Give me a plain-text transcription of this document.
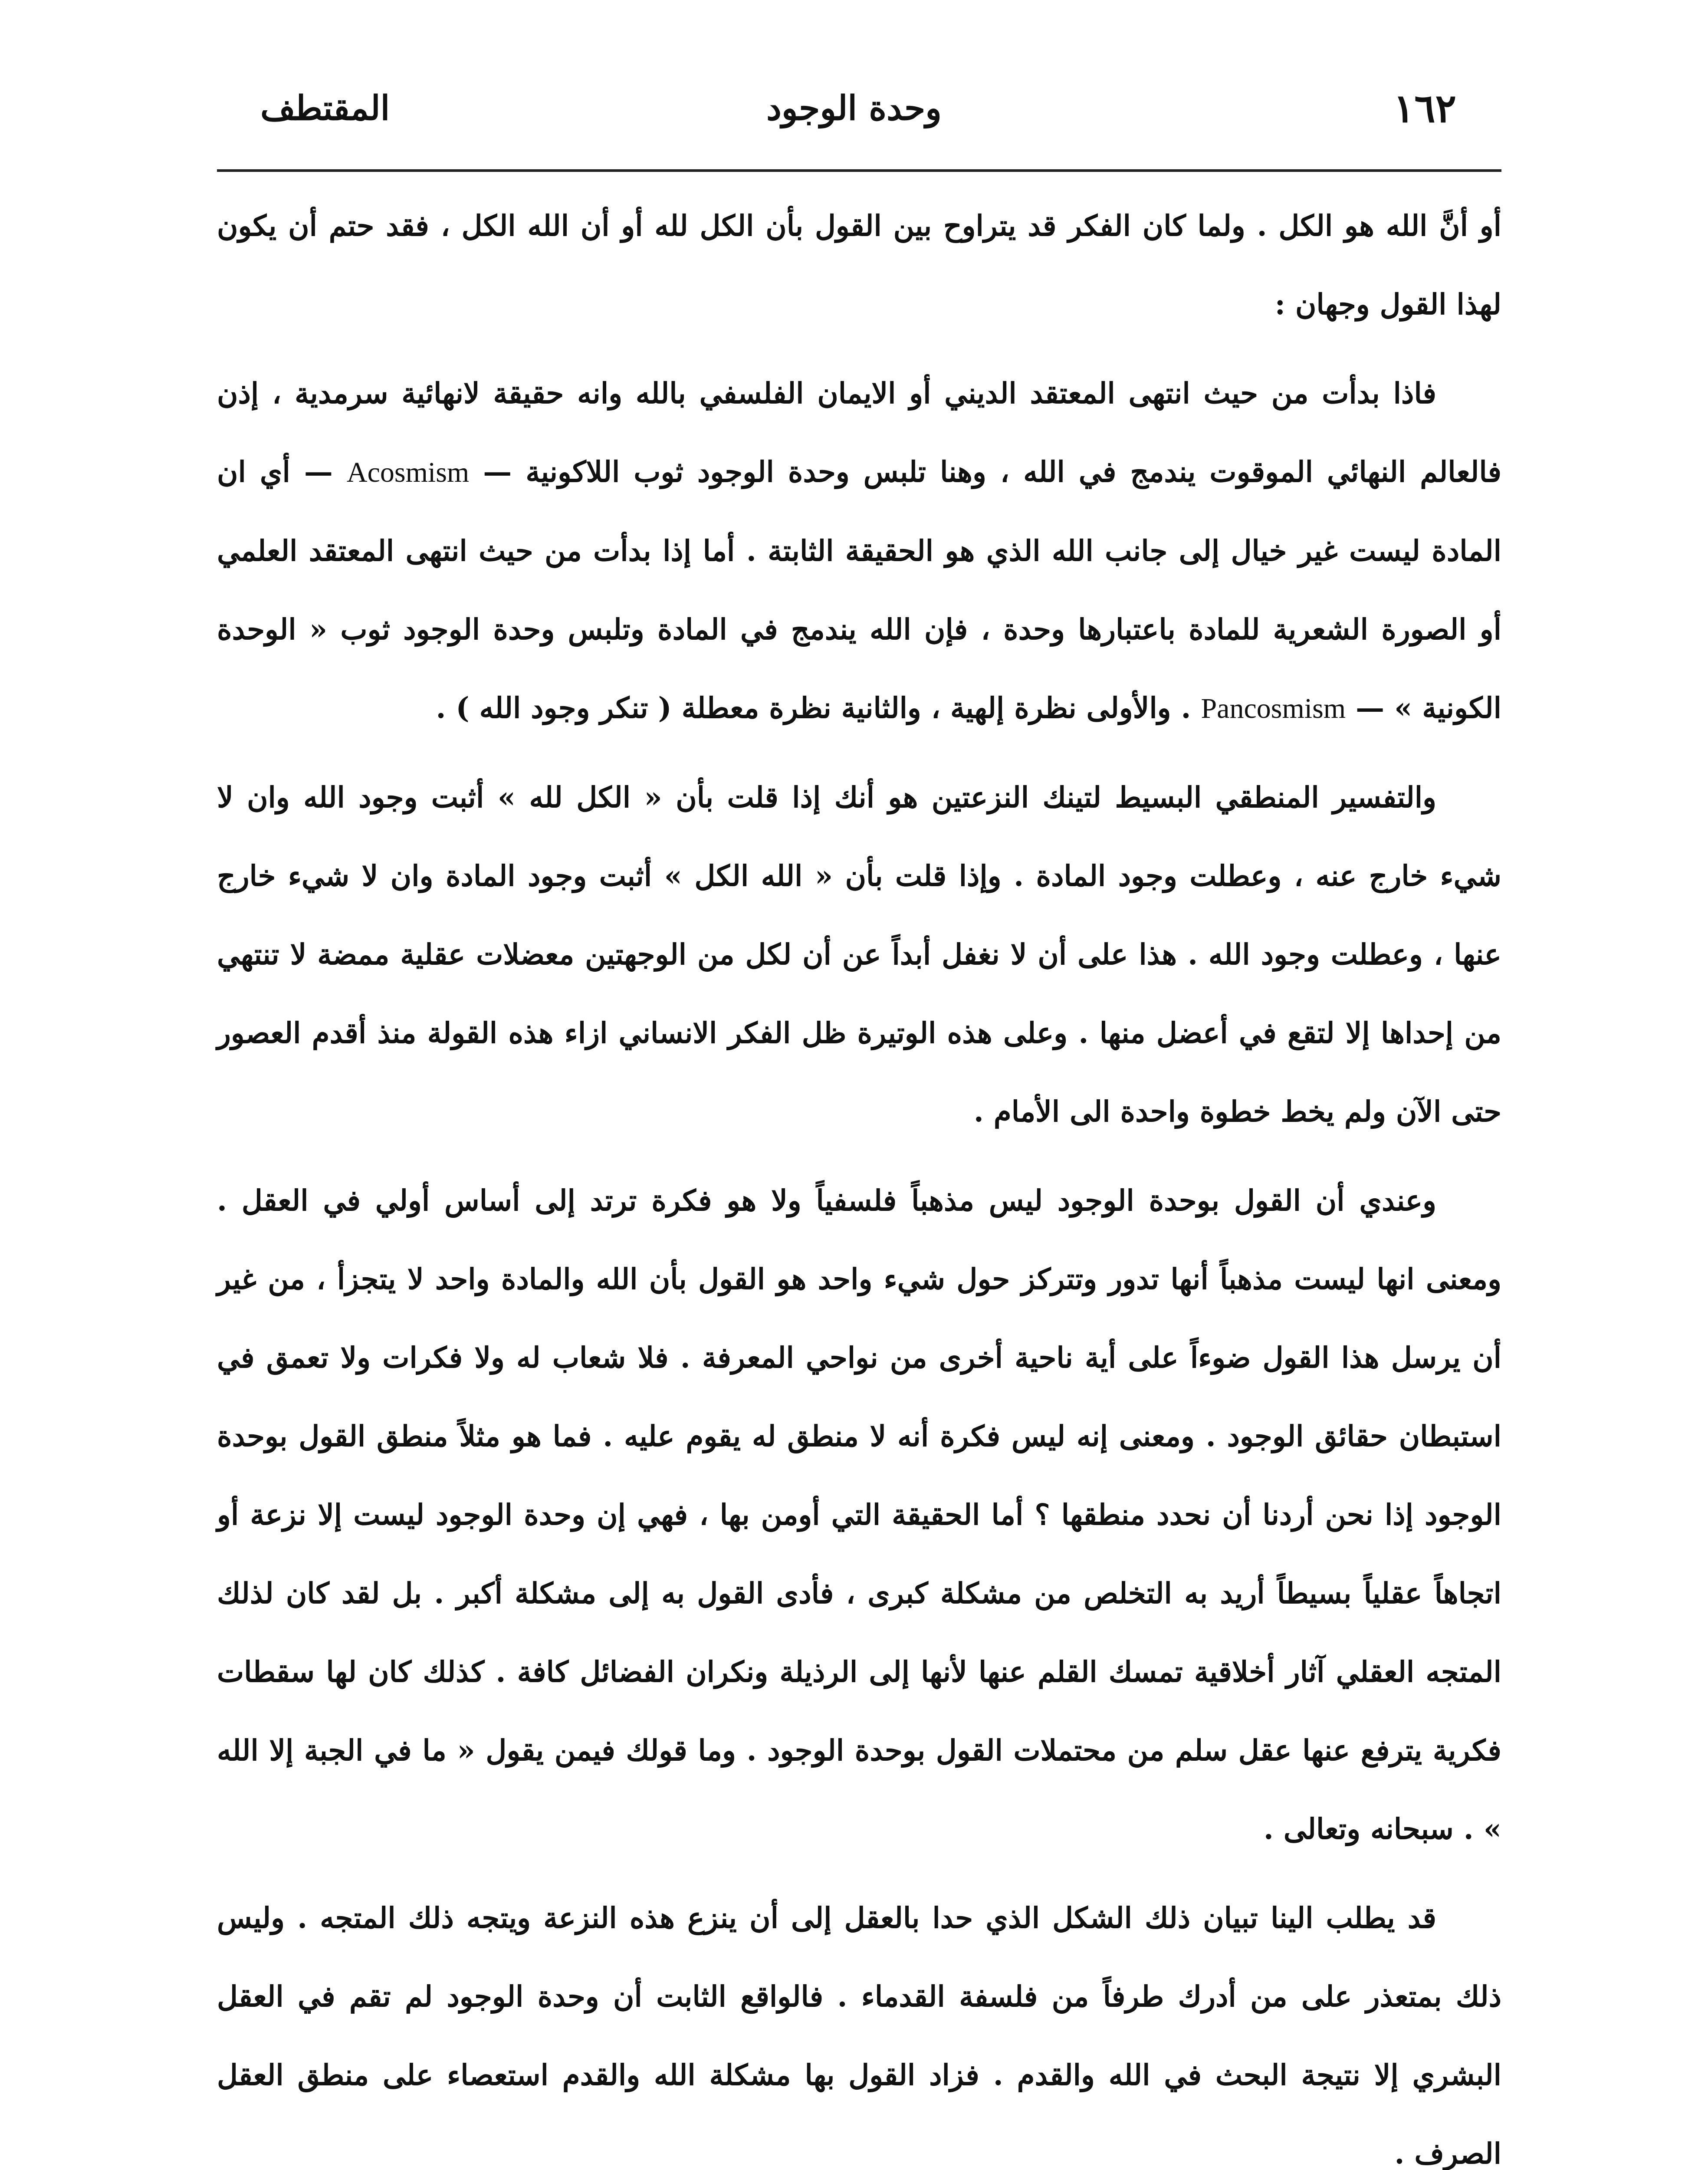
المقتطف	وحدة الوجود	١٦٢

أو أنَّ الله هو الكل . ولما كان الفكر قد يتراوح بين القول بأن الكل لله أو أن الله الكل ، فقد حتم أن يكون لهذا القول وجهان :

فاذا بدأت من حيث انتهى المعتقد الديني أو الايمان الفلسفي بالله وانه حقيقة لانهائية سرمدية ، إذن فالعالم النهائي الموقوت يندمج في الله ، وهنا تلبس وحدة الوجود ثوب اللاكونية — Acosmism — أي ان المادة ليست غير خيال إلى جانب الله الذي هو الحقيقة الثابتة . أما إذا بدأت من حيث انتهى المعتقد العلمي أو الصورة الشعرية للمادة باعتبارها وحدة ، فإن الله يندمج في المادة وتلبس وحدة الوجود ثوب « الوحدة الكونية » — Pancosmism . والأولى نظرة إلهية ، والثانية نظرة معطلة ( تنكر وجود الله ) .

والتفسير المنطقي البسيط لتينك النزعتين هو أنك إذا قلت بأن « الكل لله » أثبت وجود الله وان لا شيء خارج عنه ، وعطلت وجود المادة . وإذا قلت بأن « الله الكل » أثبت وجود المادة وان لا شيء خارج عنها ، وعطلت وجود الله . هذا على أن لا نغفل أبداً عن أن لكل من الوجهتين معضلات عقلية ممضة لا تنتهي من إحداها إلا لتقع في أعضل منها . وعلى هذه الوتيرة ظل الفكر الانساني ازاء هذه القولة منذ أقدم العصور حتى الآن ولم يخط خطوة واحدة الى الأمام .

وعندي أن القول بوحدة الوجود ليس مذهباً فلسفياً ولا هو فكرة ترتد إلى أساس أولي في العقل . ومعنى انها ليست مذهباً أنها تدور وتتركز حول شيء واحد هو القول بأن الله والمادة واحد لا يتجزأ ، من غير أن يرسل هذا القول ضوءاً على أية ناحية أخرى من نواحي المعرفة . فلا شعاب له ولا فكرات ولا تعمق في استبطان حقائق الوجود . ومعنى إنه ليس فكرة أنه لا منطق له يقوم عليه . فما هو مثلاً منطق القول بوحدة الوجود إذا نحن أردنا أن نحدد منطقها ؟ أما الحقيقة التي أومن بها ، فهي إن وحدة الوجود ليست إلا نزعة أو اتجاهاً عقلياً بسيطاً أريد به التخلص من مشكلة كبرى ، فأدى القول به إلى مشكلة أكبر . بل لقد كان لذلك المتجه العقلي آثار أخلاقية تمسك القلم عنها لأنها إلى الرذيلة ونكران الفضائل كافة . كذلك كان لها سقطات فكرية يترفع عنها عقل سلم من محتملات القول بوحدة الوجود . وما قولك فيمن يقول « ما في الجبة إلا الله » . سبحانه وتعالى .

قد يطلب الينا تبيان ذلك الشكل الذي حدا بالعقل إلى أن ينزع هذه النزعة ويتجه ذلك المتجه . وليس ذلك بمتعذر على من أدرك طرفاً من فلسفة القدماء . فالواقع الثابت أن وحدة الوجود لم تقم في العقل البشري إلا نتيجة البحث في الله والقدم . فزاد القول بها مشكلة الله والقدم استعصاء على منطق العقل الصرف .
